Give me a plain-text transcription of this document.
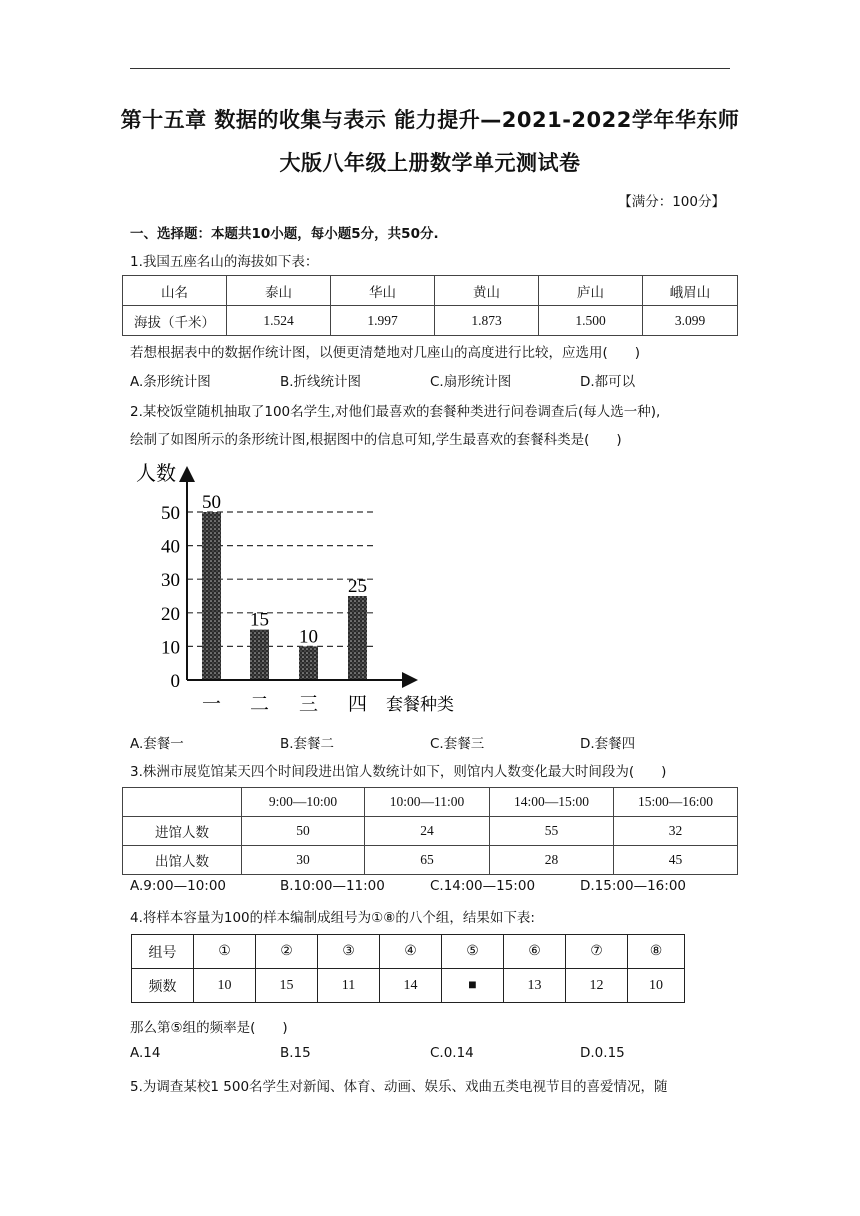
第十五章 数据的收集与表示 能力提升—2021-2022学年华东师
大版八年级上册数学单元测试卷
【满分：100分】
一、选择题：本题共10小题，每小题5分，共50分.
1.我国五座名山的海拔如下表：
山名	泰山	华山	黄山	庐山	峨眉山
海拔（千米）	1.524	1.997	1.873	1.500	3.099
若想根据表中的数据作统计图，以便更清楚地对几座山的高度进行比较，应选用(　　)
A.条形统计图	B.折线统计图	C.扇形统计图	D.都可以
2.某校饭堂随机抽取了100名学生,对他们最喜欢的套餐种类进行问卷调查后(每人选一种),
绘制了如图所示的条形统计图,根据图中的信息可知,学生最喜欢的套餐科类是(　　)
人数
套餐种类
0
10
20
30
40
50
50
一
15
二
10
三
25
四
A.套餐一	B.套餐二	C.套餐三	D.套餐四
3.株洲市展览馆某天四个时间段进出馆人数统计如下，则馆内人数变化最大时间段为(　　)
	9:00—10:00	10:00—11:00	14:00—15:00	15:00—16:00
进馆人数	50	24	55	32
出馆人数	30	65	28	45
A.9:00—10:00	B.10:00—11:00	C.14:00—15:00	D.15:00—16:00
4.将样本容量为100的样本编制成组号为①⑧的八个组，结果如下表:
组号	①	②	③	④	⑤	⑥	⑦	⑧
频数	10	15	11	14	■	13	12	10
那么第⑤组的频率是(　　)
A.14	B.15	C.0.14	D.0.15
5.为调查某校1 500名学生对新闻、体育、动画、娱乐、戏曲五类电视节目的喜爱情况，随
